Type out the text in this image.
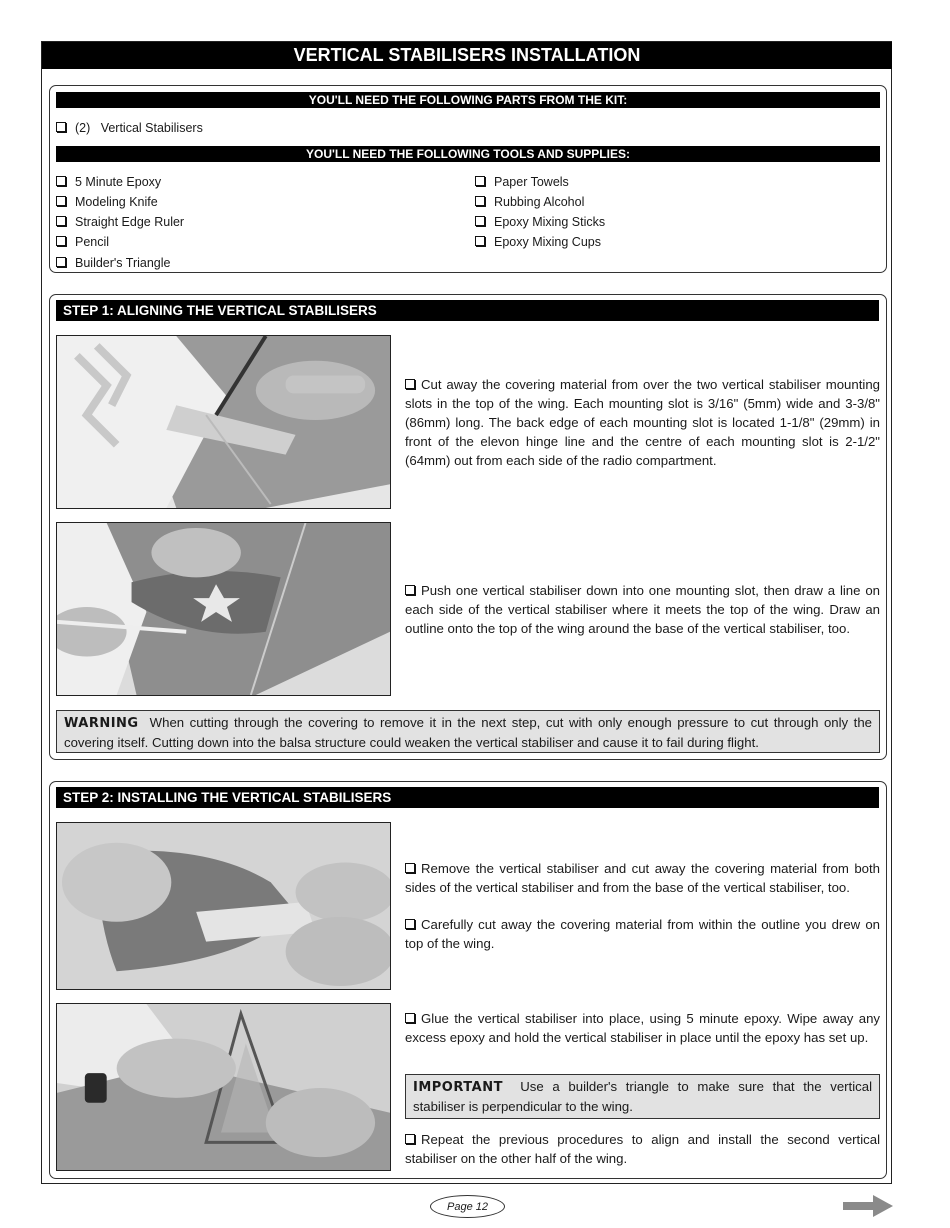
VERTICAL STABILISERS INSTALLATION
YOU'LL NEED THE FOLLOWING PARTS FROM THE KIT:
(2)   Vertical Stabilisers
YOU'LL NEED THE FOLLOWING TOOLS AND SUPPLIES:
5 Minute Epoxy
Modeling Knife
Straight Edge Ruler
Pencil
Builder's Triangle
Paper Towels
Rubbing Alcohol
Epoxy Mixing Sticks
Epoxy Mixing Cups
STEP 1: ALIGNING THE VERTICAL STABILISERS
Cut away the covering material from over the two vertical stabiliser mounting slots in the top of the wing. Each mounting slot is 3/16" (5mm) wide and 3-3/8" (86mm) long. The back edge of each mounting slot is located 1-1/8" (29mm) in front of the elevon hinge line and the centre of each mounting slot is 2-1/2" (64mm) out from each side of the radio compartment.
Push one vertical stabiliser down into one mounting slot, then draw a line on each side of the vertical stabiliser where it meets the top of the wing. Draw an outline onto the top of the wing around the base of the vertical stabiliser, too.
WARNING When cutting through the covering to remove it in the next step, cut with only enough pressure to cut through only the covering itself. Cutting down into the balsa structure could weaken the vertical stabiliser and cause it to fail during flight.
STEP 2: INSTALLING THE VERTICAL STABILISERS
Remove the vertical stabiliser and cut away the covering material from both sides of the vertical stabiliser and from the base of the vertical stabiliser, too.
Carefully cut away the covering material from within the outline you drew on top of the wing.
Glue the vertical stabiliser into place, using 5 minute epoxy. Wipe away any excess epoxy and hold the vertical stabiliser in place until the epoxy has set up.
IMPORTANT Use a builder's triangle to make sure that the vertical stabiliser is perpendicular to the wing.
Repeat the previous procedures to align and install the second vertical stabiliser on the other half of the wing.
Page 12
